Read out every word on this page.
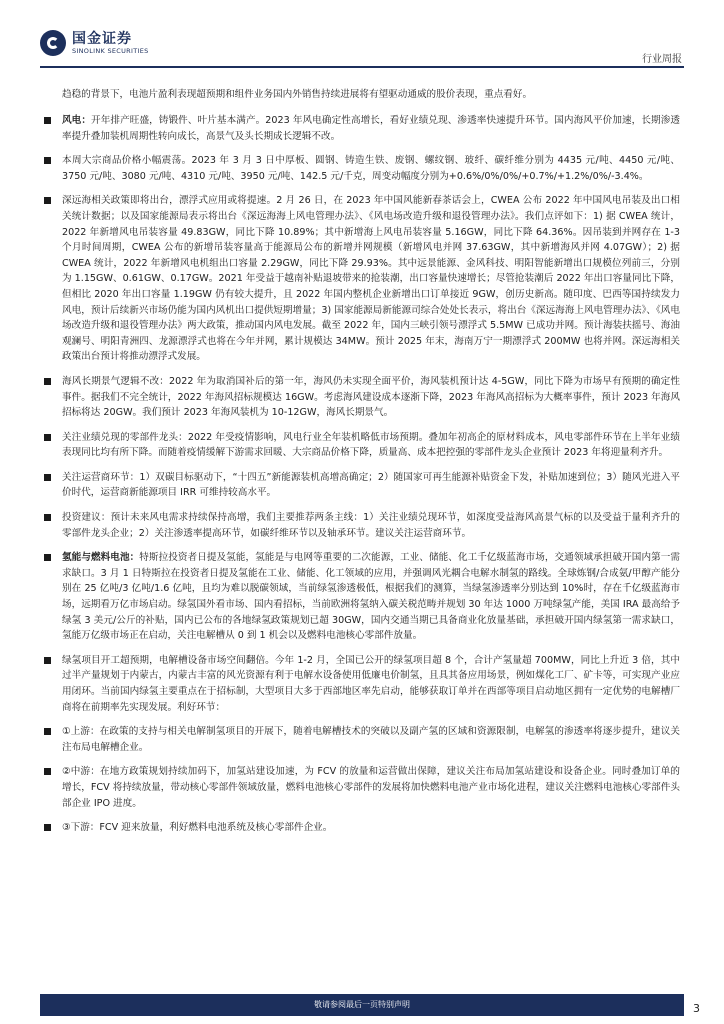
国金证券
SINOLINK SECURITIES
行业周报

趋稳的背景下，电池片盈利表现超预期和组件业务国内外销售持续进展将有望驱动通威的股价表现，重点看好。

风电：开年排产旺盛，铸锻件、叶片基本满产。2023 年风电确定性高增长，看好业绩兑现、渗透率快速提升环节。国内海风平价加速，长期渗透率提升叠加装机周期性转向成长，高景气及头长期成长逻辑不改。
本周大宗商品价格小幅震荡。2023 年 3 月 3 日中厚板、圆钢、铸造生铁、废钢、螺纹钢、玻纤、碳纤维分别为 4435 元/吨、4450 元/吨、3750 元/吨、3080 元/吨、4310 元/吨、3950 元/吨、142.5 元/千克，周变动幅度分别为+0.6%/0%/0%/+0.7%/+1.2%/0%/-3.4%。
深远海相关政策即将出台，漂浮式应用或将提速。2 月 26 日，在 2023 年中国风能新春茶话会上，CWEA 公布 2022 年中国风电吊装及出口相关统计数据；以及国家能源局表示将出台《深远海海上风电管理办法》、《风电场改造升级和退役管理办法》。我们点评如下：1) 据 CWEA 统计，2022 年新增风电吊装容量 49.83GW，同比下降 10.89%；其中新增海上风电吊装容量 5.16GW，同比下降 64.36%。因吊装到并网存在 1-3 个月时间周期，CWEA 公布的新增吊装容量高于能源局公布的新增并网规模（新增风电并网 37.63GW，其中新增海风并网 4.07GW）；2) 据 CWEA 统计，2022 年新增风电机组出口容量 2.29GW，同比下降 29.93%。其中远景能源、金风科技、明阳智能新增出口规模位列前三，分别为 1.15GW、0.61GW、0.17GW。2021 年受益于越南补贴退坡带来的抢装潮，出口容量快速增长；尽管抢装潮后 2022 年出口容量同比下降，但相比 2020 年出口容量 1.19GW 仍有较大提升，且 2022 年国内整机企业新增出口订单接近 9GW，创历史新高。随印度、巴西等国持续发力风电，预计后续新兴市场仍能为国内风机出口提供短期增量；3) 国家能源局新能源司综合处处长表示，将出台《深远海海上风电管理办法》、《风电场改造升级和退役管理办法》两大政策，推动国内风电发展。截至 2022 年，国内三峡引领号漂浮式 5.5MW 已成功并网。预计海装扶摇号、海油观澜号、明阳青洲四、龙源漂浮式也将在今年并网，累计规模达 34MW。预计 2025 年末，海南万宁一期漂浮式 200MW 也将并网。深远海相关政策出台预计将推动漂浮式发展。
海风长期景气逻辑不改：2022 年为取消国补后的第一年，海风仍未实现全面平价，海风装机预计达 4-5GW，同比下降为市场早有预期的确定性事件。据我们不完全统计，2022 年海风招标规模达 16GW。考虑海风建设成本逐渐下降，2023 年海风高招标为大概率事件，预计 2023 年海风招标将达 20GW。我们预计 2023 年海风装机为 10-12GW，海风长期景气。
关注业绩兑现的零部件龙头：2022 年受疫情影响，风电行业全年装机略低市场预期。叠加年初高企的原材料成本，风电零部件环节在上半年业绩表现同比均有所下降。而随着疫情缓解下游需求回暖、大宗商品价格下降，质量高、成本把控强的零部件龙头企业预计 2023 年将迎量利齐升。
关注运营商环节：1）双碳目标驱动下，“十四五”新能源装机高增高确定；2）随国家可再生能源补贴资金下发，补贴加速到位；3）随风光进入平价时代，运营商新能源项目 IRR 可维持较高水平。
投资建议：预计未来风电需求持续保持高增，我们主要推荐两条主线：1）关注业绩兑现环节，如深度受益海风高景气标的以及受益于量利齐升的零部件龙头企业；2）关注渗透率提高环节，如碳纤维环节以及轴承环节。建议关注运营商环节。
氢能与燃料电池：特斯拉投资者日提及氢能，氢能是与电网等重要的二次能源，工业、储能、化工千亿级蓝海市场，交通领域承担破开国内第一需求缺口。3 月 1 日特斯拉在投资者日提及氢能在工业、储能、化工领域的应用，并强调风光耦合电解水制氢的路线。全球炼钢/合成氨/甲醇产能分别在 25 亿吨/3 亿吨/1.6 亿吨，且均为难以脱碳领域，当前绿氢渗透极低，根据我们的测算，当绿氢渗透率分别达到 10%时，存在千亿级蓝海市场，远期看万亿市场启动。绿氢国外看市场、国内看招标，当前欧洲将氢纳入碳关税范畴并规划 30 年达 1000 万吨绿氢产能，美国 IRA 最高给予绿氢 3 美元/公斤的补贴，国内已公布的各地绿氢政策规划已超 30GW，国内交通当期已具备商业化放量基础，承担破开国内绿氢第一需求缺口，氢能万亿级市场正在启动，关注电解槽从 0 到 1 机会以及燃料电池核心零部件放量。
绿氢项目开工超预期，电解槽设备市场空间翻倍。今年 1-2 月，全国已公开的绿氢项目超 8 个，合计产氢量超 700MW，同比上升近 3 倍，其中过半产量规划于内蒙古，内蒙古丰富的风光资源有利于电解水设备使用低廉电价制氢，且具其备应用场景，例如煤化工厂、矿卡等，可实现产业应用闭环。当前国内绿氢主要重点在于招标制，大型项目大多于西部地区率先启动，能够获取订单并在西部等项目启动地区拥有一定优势的电解槽厂商将在前期率先实现发展。利好环节：
①上游：在政策的支持与相关电解制氢项目的开展下，随着电解槽技术的突破以及副产氢的区域和资源限制，电解氢的渗透率将逐步提升，建议关注布局电解槽企业。
②中游：在地方政策规划持续加码下，加氢站建设加速，为 FCV 的放量和运营做出保障，建议关注布局加氢站建设和设备企业。同时叠加订单的增长，FCV 将持续放量，带动核心零部件领域放量，燃料电池核心零部件的发展将加快燃料电池产业市场化进程，建议关注燃料电池核心零部件头部企业 IPO 进度。
③下游：FCV 迎来放量，利好燃料电池系统及核心零部件企业。
敬请参阅最后一页特别声明	3
